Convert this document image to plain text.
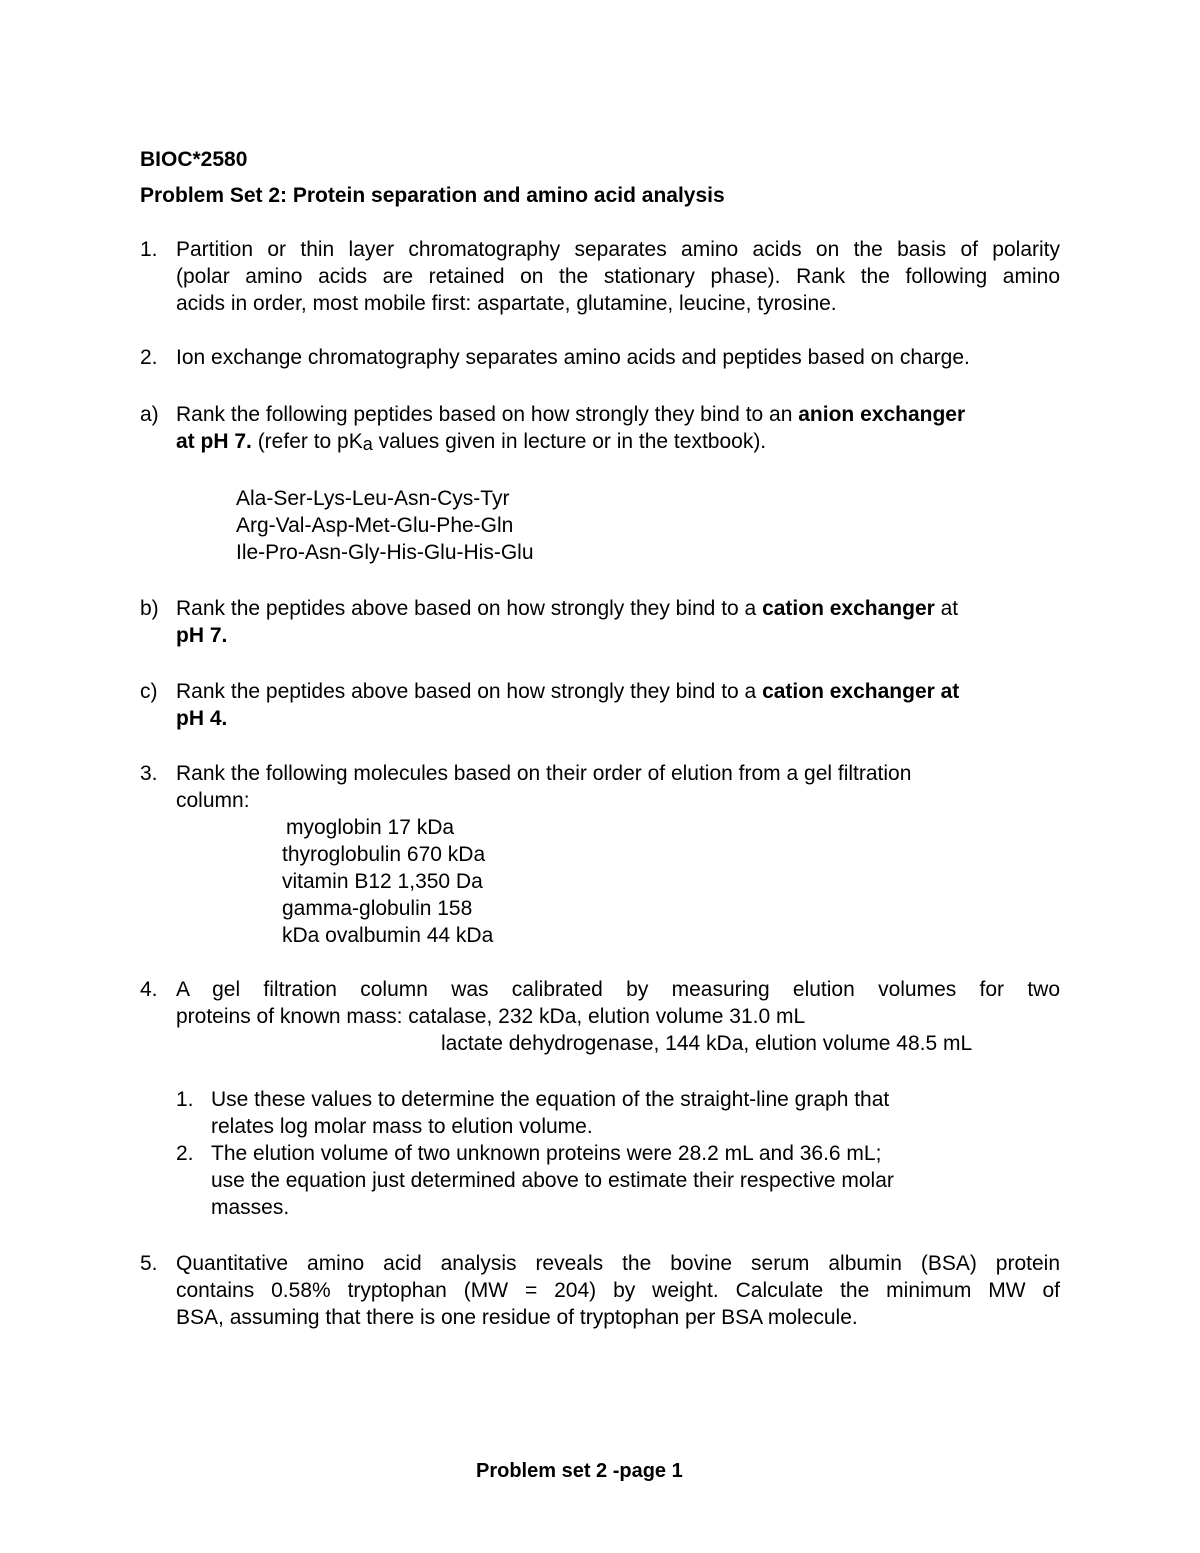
BIOC*2580
Problem Set 2: Protein separation and amino acid analysis
1. Partition or thin layer chromatography separates amino acids on the basis of polarity
(polar amino acids are retained on the stationary phase). Rank the following amino
acids in order, most mobile first: aspartate, glutamine, leucine, tyrosine.
2. Ion exchange chromatography separates amino acids and peptides based on charge.
a) Rank the following peptides based on how strongly they bind to an anion exchanger
at pH 7. (refer to pKa values given in lecture or in the textbook).
Ala-Ser-Lys-Leu-Asn-Cys-Tyr
Arg-Val-Asp-Met-Glu-Phe-Gln
Ile-Pro-Asn-Gly-His-Glu-His-Glu
b) Rank the peptides above based on how strongly they bind to a cation exchanger at
pH 7.
c) Rank the peptides above based on how strongly they bind to a cation exchanger at
pH 4.
3. Rank the following molecules based on their order of elution from a gel filtration
column:
myoglobin 17 kDa
thyroglobulin 670 kDa
vitamin B12 1,350 Da
gamma-globulin 158
kDa ovalbumin 44 kDa
4. A gel filtration column was calibrated by measuring elution volumes for two
proteins of known mass: catalase, 232 kDa, elution volume 31.0 mL
lactate dehydrogenase, 144 kDa, elution volume 48.5 mL
1. Use these values to determine the equation of the straight-line graph that
relates log molar mass to elution volume.
2. The elution volume of two unknown proteins were 28.2 mL and 36.6 mL;
use the equation just determined above to estimate their respective molar
masses.
5. Quantitative amino acid analysis reveals the bovine serum albumin (BSA) protein
contains 0.58% tryptophan (MW = 204) by weight. Calculate the minimum MW of
BSA, assuming that there is one residue of tryptophan per BSA molecule.
Problem set 2 -page 1
